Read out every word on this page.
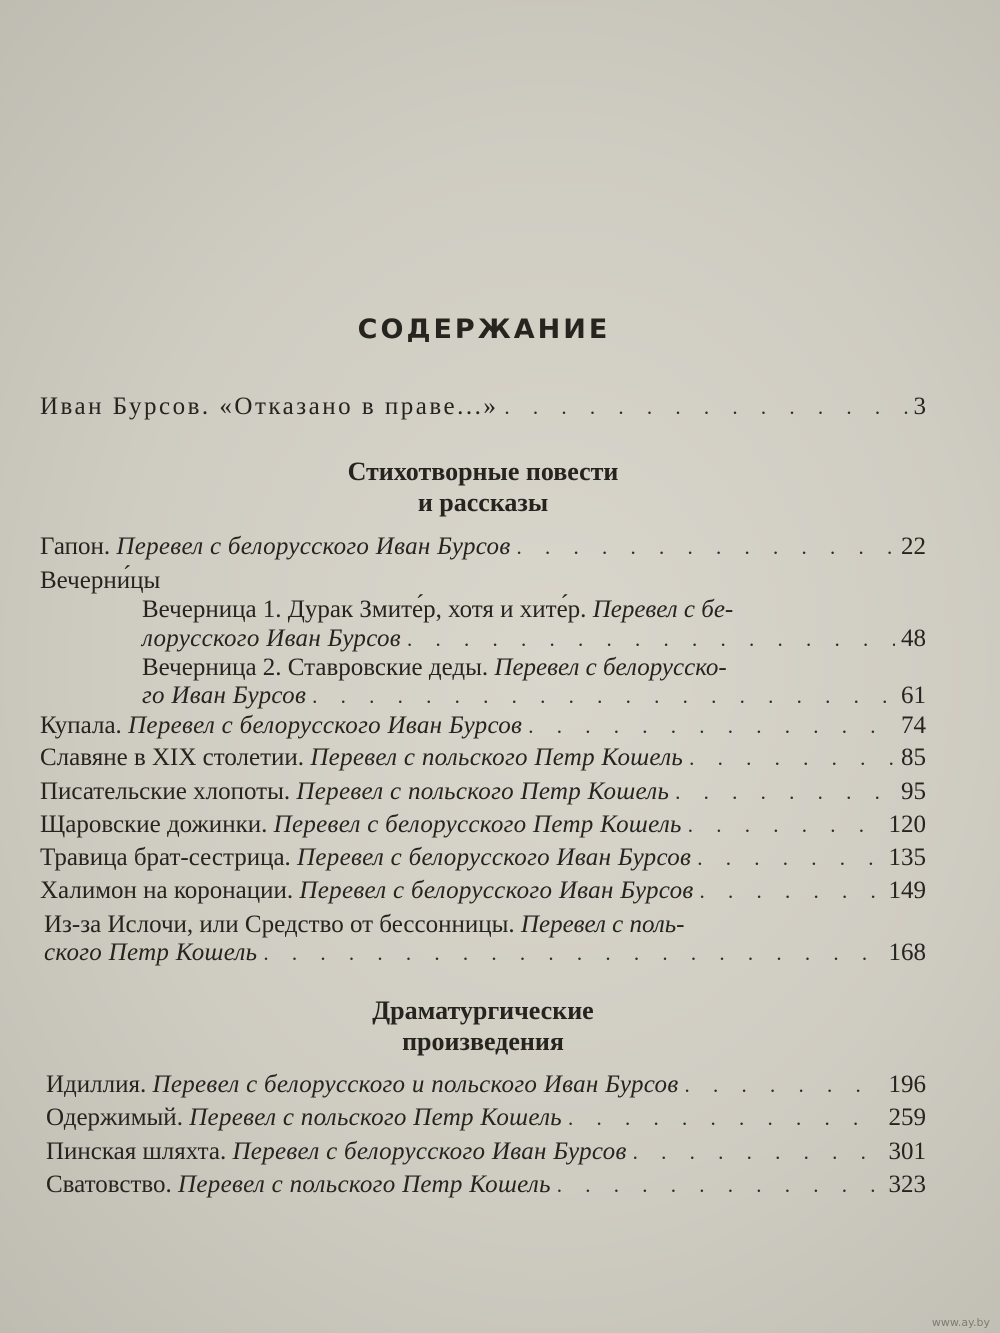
СОДЕРЖАНИЕ
Иван Бурсов. «Отказано в праве...» . . .	3
Стихотворные повести
и рассказы
Гапон. Перевел с белорусского Иван Бурсов . . .	22
Вечерни́цы
Вечерница 1. Дурак Змите́р, хотя и хите́р. Перевел с бе-
лорусского Иван Бурсов . . .	48
Вечерница 2. Ставровские деды. Перевел с белорусско-
го Иван Бурсов . . .	61
Купала. Перевел с белорусского Иван Бурсов . . .	74
Славяне в XIX столетии. Перевел с польского Петр Кошель . . .	85
Писательские хлопоты. Перевел с польского Петр Кошель . . .	95
Щаровские дожинки. Перевел с белорусского Петр Кошель . . .	120
Травица брат-сестрица. Перевел с белорусского Иван Бурсов . . .	135
Халимон на коронации. Перевел с белорусского Иван Бурсов . . .	149
Из-за Ислочи, или Средство от бессонницы. Перевел с поль-
ского Петр Кошель . . .	168
Драматургические
произведения
Идиллия. Перевел с белорусского и польского Иван Бурсов . . .	196
Одержимый. Перевел с польского Петр Кошель . . .	259
Пинская шляхта. Перевел с белорусского Иван Бурсов . . .	301
Сватовство. Перевел с польского Петр Кошель . . .	323
www.ay.by
